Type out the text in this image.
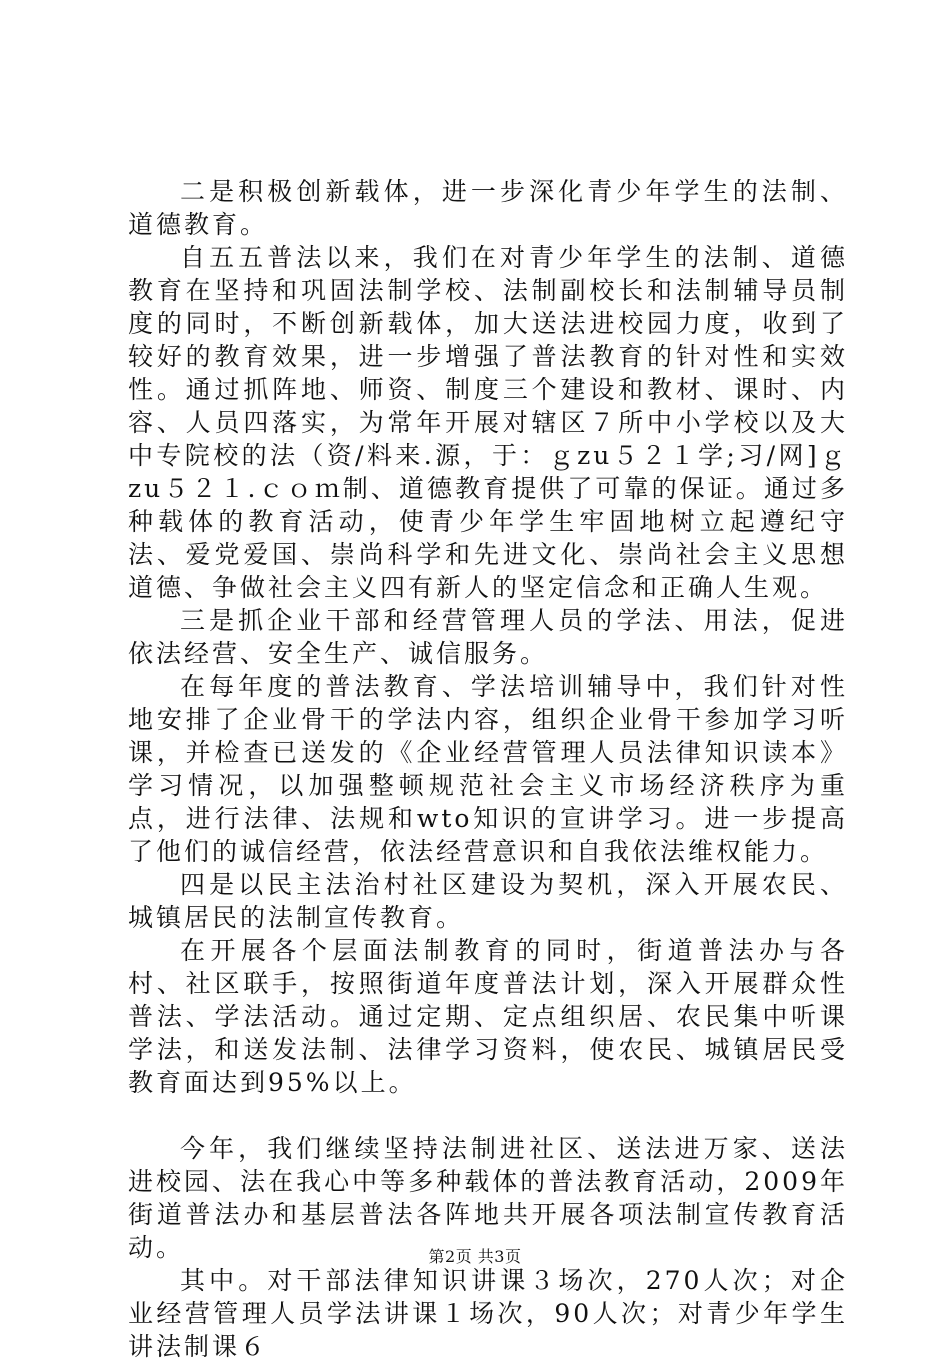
二是积极创新载体，进一步深化青少年学生的法制、道德教育。

自五五普法以来，我们在对青少年学生的法制、道德教育在坚持和巩固法制学校、法制副校长和法制辅导员制度的同时，不断创新载体，加大送法进校园力度，收到了较好的教育效果，进一步增强了普法教育的针对性和实效性。通过抓阵地、师资、制度三个建设和教材、课时、内容、人员四落实，为常年开展对辖区７所中小学校以及大中专院校的法（资/料来.源，于：ｇzu５２１学;习/网]ｇzu５２１.ｃｏｍ制、道德教育提供了可靠的保证。通过多种载体的教育活动，使青少年学生牢固地树立起遵纪守法、爱党爱国、崇尚科学和先进文化、崇尚社会主义思想道德、争做社会主义四有新人的坚定信念和正确人生观。

三是抓企业干部和经营管理人员的学法、用法，促进依法经营、安全生产、诚信服务。

在每年度的普法教育、学法培训辅导中，我们针对性地安排了企业骨干的学法内容，组织企业骨干参加学习听课，并检查已送发的《企业经营管理人员法律知识读本》学习情况，以加强整顿规范社会主义市场经济秩序为重点，进行法律、法规和wto知识的宣讲学习。进一步提高了他们的诚信经营，依法经营意识和自我依法维权能力。

四是以民主法治村社区建设为契机，深入开展农民、城镇居民的法制宣传教育。

在开展各个层面法制教育的同时，街道普法办与各村、社区联手，按照街道年度普法计划，深入开展群众性普法、学法活动。通过定期、定点组织居、农民集中听课学法，和送发法制、法律学习资料，使农民、城镇居民受教育面达到95%以上。

今年，我们继续坚持法制进社区、送法进万家、送法进校园、法在我心中等多种载体的普法教育活动，2009年街道普法办和基层普法各阵地共开展各项法制宣传教育活动。

其中。对干部法律知识讲课３场次，270人次；对企业经营管理人员学法讲课１场次，90人次；对青少年学生讲法制课６

第2页 共3页
